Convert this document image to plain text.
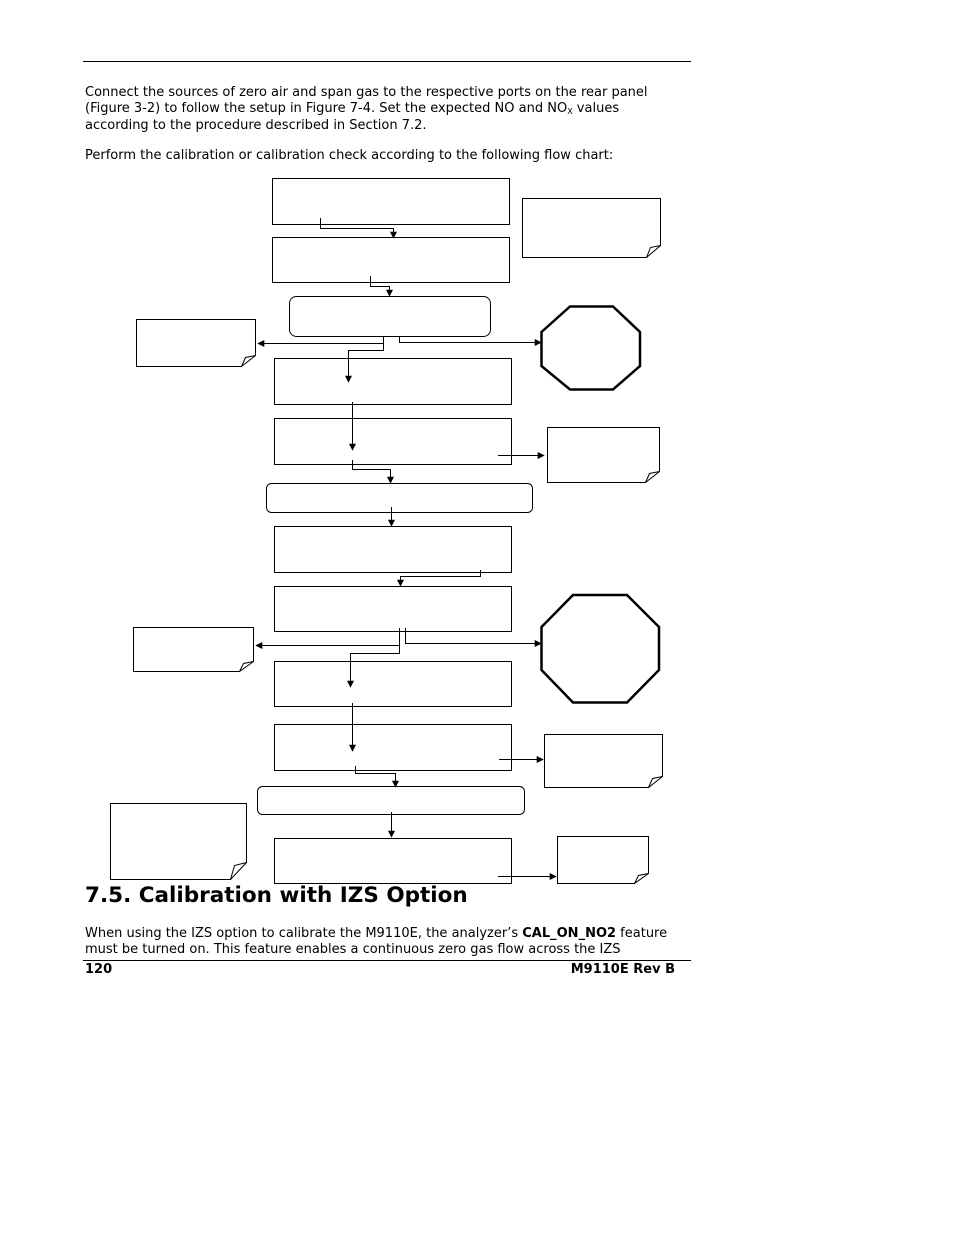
Connect the sources of zero air and span gas to the respective ports on the rear panel
(Figure 3-2) to follow the setup in Figure 7-4. Set the expected NO and $NO_X$ values
according to the procedure described in Section 7.2.

Perform the calibration or calibration check according to the following flow chart:

7.5. Calibration with IZS Option

When using the IZS option to calibrate the M9110E, the analyzer’s CAL_ON_NO2 feature
must be turned on. This feature enables a continuous zero gas flow across the IZS

120	M9110E Rev B
